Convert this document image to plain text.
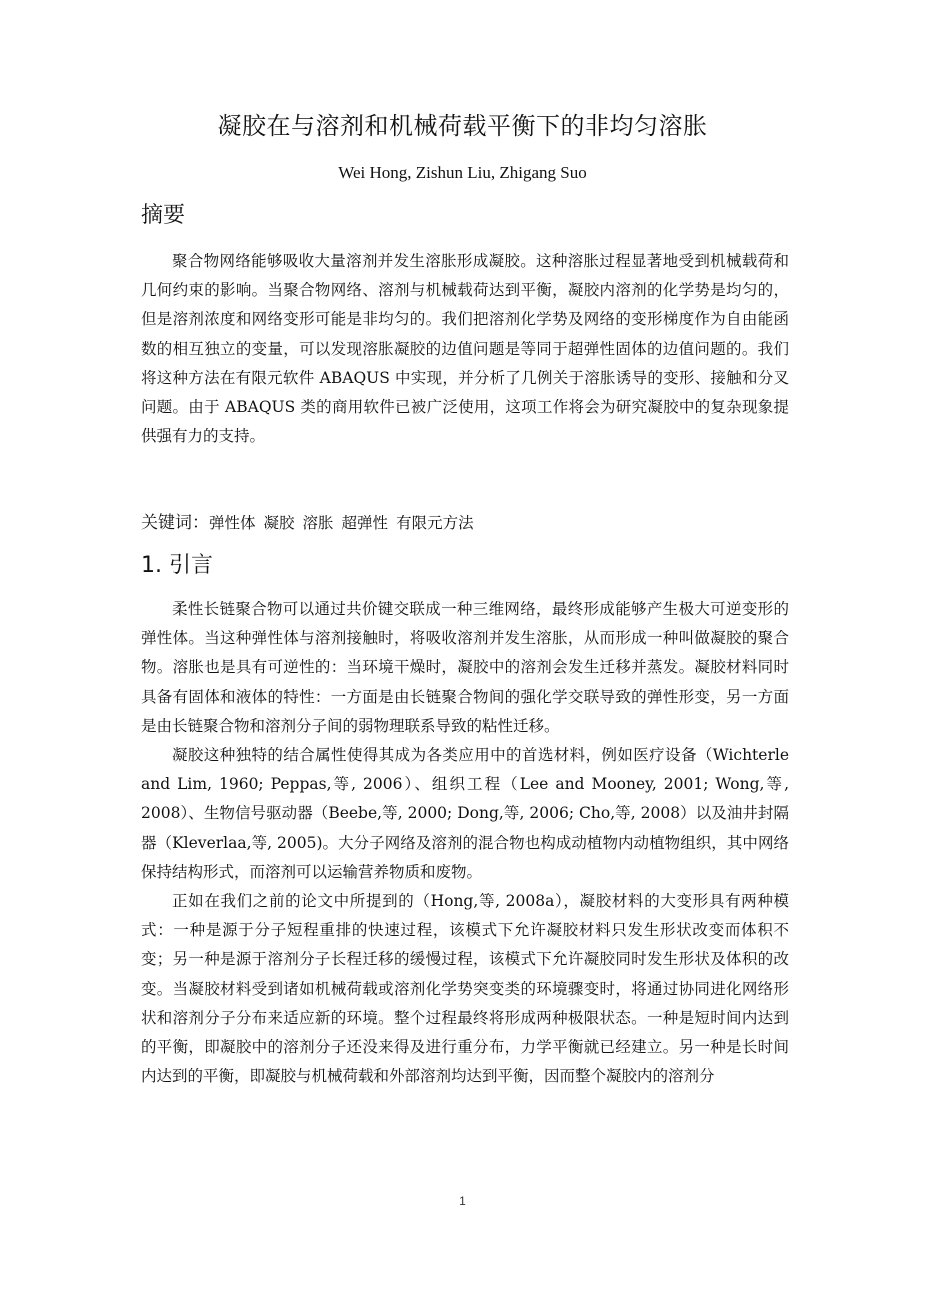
凝胶在与溶剂和机械荷载平衡下的非均匀溶胀
Wei Hong, Zishun Liu, Zhigang Suo
摘要

聚合物网络能够吸收大量溶剂并发生溶胀形成凝胶。这种溶胀过程显著地受到机械载荷和几何约束的影响。当聚合物网络、溶剂与机械载荷达到平衡，凝胶内溶剂的化学势是均匀的，但是溶剂浓度和网络变形可能是非均匀的。我们把溶剂化学势及网络的变形梯度作为自由能函数的相互独立的变量，可以发现溶胀凝胶的边值问题是等同于超弹性固体的边值问题的。我们将这种方法在有限元软件 ABAQUS 中实现，并分析了几例关于溶胀诱导的变形、接触和分叉问题。由于 ABAQUS 类的商用软件已被广泛使用，这项工作将会为研究凝胶中的复杂现象提供强有力的支持。

关键词：弹性体 凝胶 溶胀 超弹性 有限元方法
1. 引言

柔性长链聚合物可以通过共价键交联成一种三维网络，最终形成能够产生极大可逆变形的弹性体。当这种弹性体与溶剂接触时，将吸收溶剂并发生溶胀，从而形成一种叫做凝胶的聚合物。溶胀也是具有可逆性的：当环境干燥时，凝胶中的溶剂会发生迁移并蒸发。凝胶材料同时具备有固体和液体的特性：一方面是由长链聚合物间的强化学交联导致的弹性形变，另一方面是由长链聚合物和溶剂分子间的弱物理联系导致的粘性迁移。

凝胶这种独特的结合属性使得其成为各类应用中的首选材料，例如医疗设备（Wichterle and Lim, 1960; Peppas,等, 2006）、组织工程（Lee and Mooney, 2001; Wong,等, 2008）、生物信号驱动器（Beebe,等, 2000; Dong,等, 2006; Cho,等, 2008）以及油井封隔器（Kleverlaa,等, 2005)。大分子网络及溶剂的混合物也构成动植物内动植物组织，其中网络保持结构形式，而溶剂可以运输营养物质和废物。

正如在我们之前的论文中所提到的（Hong,等, 2008a），凝胶材料的大变形具有两种模式：一种是源于分子短程重排的快速过程，该模式下允许凝胶材料只发生形状改变而体积不变；另一种是源于溶剂分子长程迁移的缓慢过程，该模式下允许凝胶同时发生形状及体积的改变。当凝胶材料受到诸如机械荷载或溶剂化学势突变类的环境骤变时，将通过协同进化网络形状和溶剂分子分布来适应新的环境。整个过程最终将形成两种极限状态。一种是短时间内达到的平衡，即凝胶中的溶剂分子还没来得及进行重分布，力学平衡就已经建立。另一种是长时间内达到的平衡，即凝胶与机械荷载和外部溶剂均达到平衡，因而整个凝胶内的溶剂分

1
